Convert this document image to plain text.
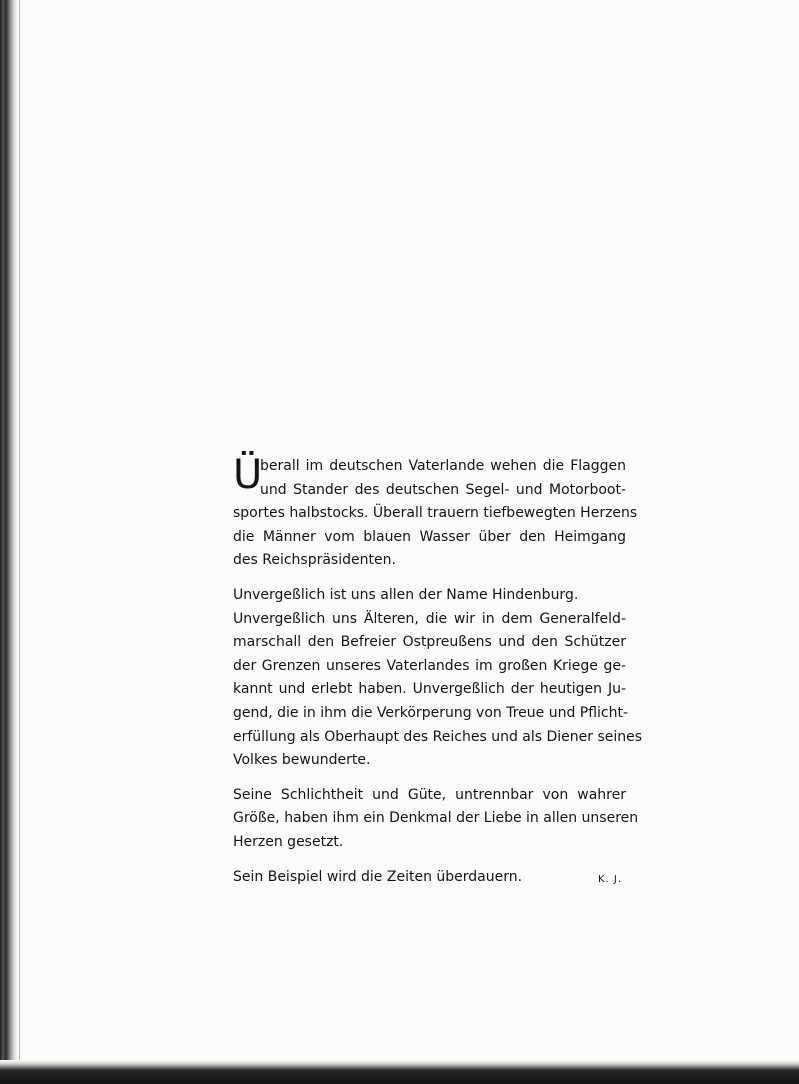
Ü
berall im deutschen Vaterlande wehen die Flaggen
und Stander des deutschen Segel- und Motorboot-
sportes halbstocks. Überall trauern tiefbewegten Herzens
die Männer vom blauen Wasser über den Heimgang
des Reichspräsidenten.
Unvergeßlich ist uns allen der Name Hindenburg.
Unvergeßlich uns Älteren, die wir in dem Generalfeld-
marschall den Befreier Ostpreußens und den Schützer
der Grenzen unseres Vaterlandes im großen Kriege ge-
kannt und erlebt haben. Unvergeßlich der heutigen Ju-
gend, die in ihm die Verkörperung von Treue und Pflicht-
erfüllung als Oberhaupt des Reiches und als Diener seines
Volkes bewunderte.
Seine Schlichtheit und Güte, untrennbar von wahrer
Größe, haben ihm ein Denkmal der Liebe in allen unseren
Herzen gesetzt.
Sein Beispiel wird die Zeiten überdauern.	K. J.
